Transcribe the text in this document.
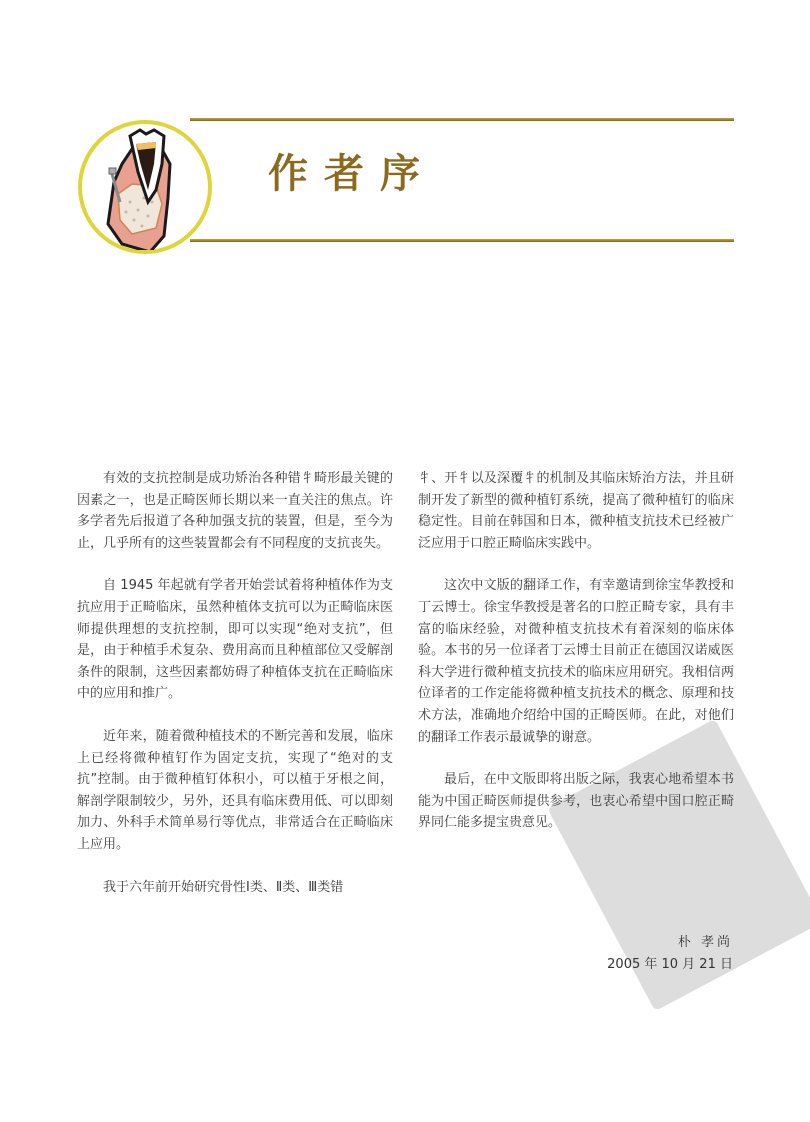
作者序

有效的支抗控制是成功矫治各种错牜畸形最关键的因素之一，也是正畸医师长期以来一直关注的焦点。许多学者先后报道了各种加强支抗的装置，但是，至今为止，几乎所有的这些装置都会有不同程度的支抗丧失。

自 1945 年起就有学者开始尝试着将种植体作为支抗应用于正畸临床，虽然种植体支抗可以为正畸临床医师提供理想的支抗控制，即可以实现“绝对支抗”，但是，由于种植手术复杂、费用高而且种植部位又受解剖条件的限制，这些因素都妨碍了种植体支抗在正畸临床中的应用和推广。

近年来，随着微种植技术的不断完善和发展，临床上已经将微种植钉作为固定支抗，实现了“绝对的支抗”控制。由于微种植钉体积小，可以植于牙根之间，解剖学限制较少，另外，还具有临床费用低、可以即刻加力、外科手术简单易行等优点，非常适合在正畸临床上应用。

我于六年前开始研究骨性Ⅰ类、Ⅱ类、Ⅲ类错

牜、开牜以及深覆牜的机制及其临床矫治方法，并且研制开发了新型的微种植钉系统，提高了微种植钉的临床稳定性。目前在韩国和日本，微种植支抗技术已经被广泛应用于口腔正畸临床实践中。

这次中文版的翻译工作，有幸邀请到徐宝华教授和丁云博士。徐宝华教授是著名的口腔正畸专家，具有丰富的临床经验，对微种植支抗技术有着深刻的临床体验。本书的另一位译者丁云博士目前正在德国汉诺威医科大学进行微种植支抗技术的临床应用研究。我相信两位译者的工作定能将微种植支抗技术的概念、原理和技术方法，准确地介绍给中国的正畸医师。在此，对他们的翻译工作表示最诚挚的谢意。

最后，在中文版即将出版之际，我衷心地希望本书能为中国正畸医师提供参考，也衷心希望中国口腔正畸界同仁能多提宝贵意见。

朴 孝尚
2005 年 10 月 21 日
